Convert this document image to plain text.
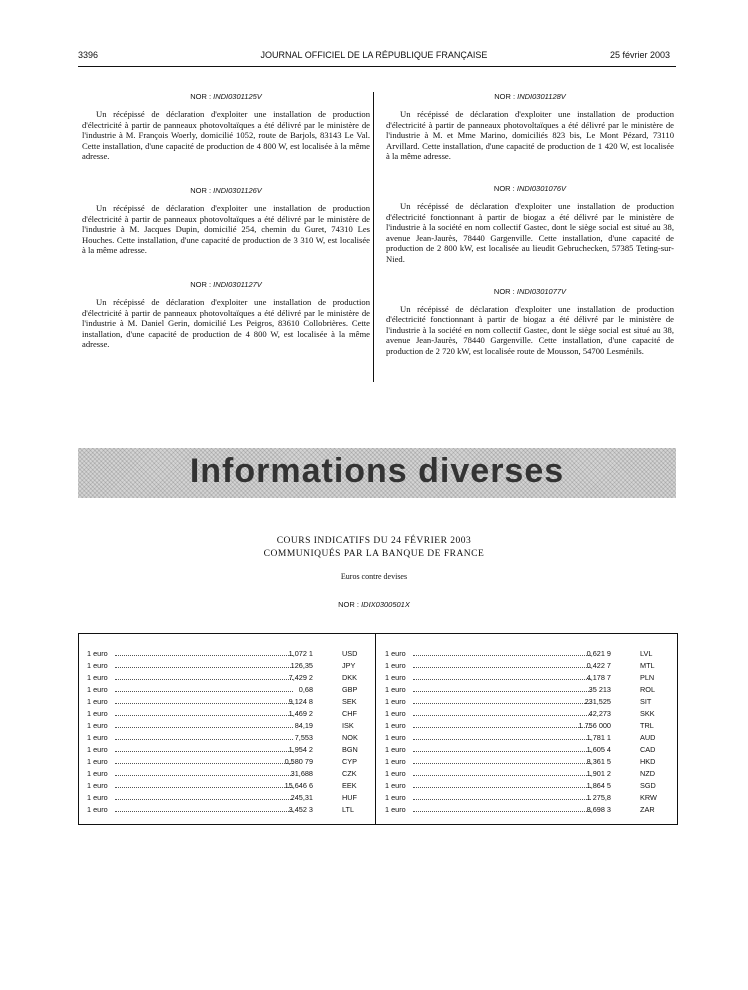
3396	JOURNAL OFFICIEL DE LA RÉPUBLIQUE FRANÇAISE	25 février 2003

NOR : INDI0301125V

Un récépissé de déclaration d'exploiter une installation de production d'électricité à partir de panneaux photovoltaïques a été délivré par le ministère de l'industrie à M. François Woerly, domicilié 1052, route de Barjols, 83143 Le Val. Cette installation, d'une capacité de production de 4 800 W, est localisée à la même adresse.

NOR : INDI0301126V

Un récépissé de déclaration d'exploiter une installation de production d'électricité à partir de panneaux photovoltaïques a été délivré par le ministère de l'industrie à M. Jacques Dupin, domicilié 254, chemin du Guret, 74310 Les Houches. Cette installation, d'une capacité de production de 3 310 W, est localisée à la même adresse.

NOR : INDI0301127V

Un récépissé de déclaration d'exploiter une installation de production d'électricité à partir de panneaux photovoltaïques a été délivré par le ministère de l'industrie à M. Daniel Gerin, domicilié Les Peigros, 83610 Collobrières. Cette installation, d'une capacité de production de 4 800 W, est localisée à la même adresse.

NOR : INDI0301128V

Un récépissé de déclaration d'exploiter une installation de production d'électricité à partir de panneaux photovoltaïques a été délivré par le ministère de l'industrie à M. et Mme Marino, domiciliés 823 bis, Le Mont Pézard, 73110 Arvillard. Cette installation, d'une capacité de production de 1 420 W, est localisée à la même adresse.

NOR : INDI0301076V

Un récépissé de déclaration d'exploiter une installation de production d'électricité fonctionnant à partir de biogaz a été délivré par le ministère de l'industrie à la société en nom collectif Gastec, dont le siège social est situé au 38, avenue Jean-Jaurès, 78440 Gargenville. Cette installation, d'une capacité de production de 2 800 kW, est localisée au lieudit Gebruchecken, 57385 Teting-sur-Nied.

NOR : INDI0301077V

Un récépissé de déclaration d'exploiter une installation de production d'électricité fonctionnant à partir de biogaz a été délivré par le ministère de l'industrie à la société en nom collectif Gastec, dont le siège social est situé au 38, avenue Jean-Jaurès, 78440 Gargenville. Cette installation, d'une capacité de production de 2 720 kW, est localisée route de Mousson, 54700 Lesménils.

Informations diverses
COURS INDICATIFS DU 24 FÉVRIER 2003
COMMUNIQUÉS PAR LA BANQUE DE FRANCE
Euros contre devises
NOR : IDIX0300501X
1 euro	1,072 1	USD
1 euro	126,35	JPY
1 euro	7,429 2	DKK
1 euro	0,68	GBP
1 euro	9,124 8	SEK
1 euro	1,469 2	CHF
1 euro	84,19	ISK
1 euro	7,553	NOK
1 euro	1,954 2	BGN
1 euro	0,580 79	CYP
1 euro	31,688	CZK
1 euro	15,646 6	EEK
1 euro	245,31	HUF
1 euro	3,452 3	LTL
1 euro	0,621 9	LVL
1 euro	0,422 7	MTL
1 euro	4,178 7	PLN
1 euro	35 213	ROL
1 euro	231,525	SIT
1 euro	42,273	SKK
1 euro	1 756 000	TRL
1 euro	1,781 1	AUD
1 euro	1,605 4	CAD
1 euro	8,361 5	HKD
1 euro	1,901 2	NZD
1 euro	1,864 5	SGD
1 euro	1 275,8	KRW
1 euro	8,698 3	ZAR
